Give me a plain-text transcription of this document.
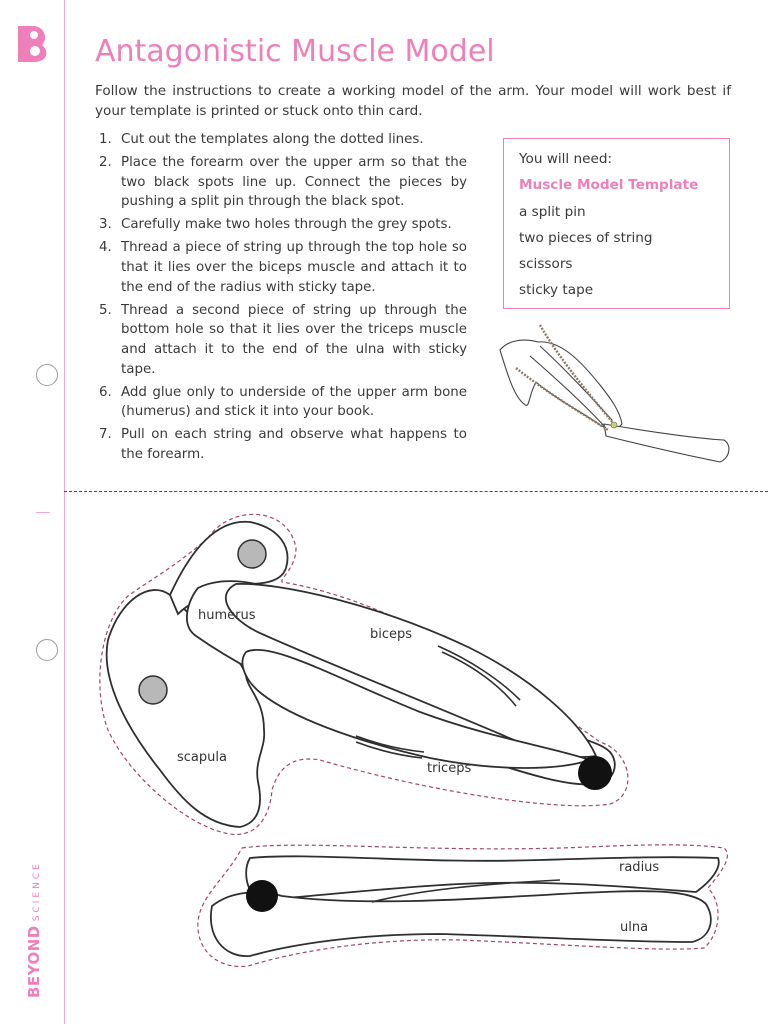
Antagonistic Muscle Model

Follow the instructions to create a working model of the arm. Your model will work best if your template is printed or stuck onto thin card.

1. Cut out the templates along the dotted lines.
2. Place the forearm over the upper arm so that the two black spots line up. Connect the pieces by pushing a split pin through the black spot.
3. Carefully make two holes through the grey spots.
4. Thread a piece of string up through the top hole so that it lies over the biceps muscle and attach it to the end of the radius with sticky tape.
5. Thread a second piece of string up through the bottom hole so that it lies over the triceps muscle and attach it to the end of the ulna with sticky tape.
6. Add glue only to underside of the upper arm bone (humerus) and stick it into your book.
7. Pull on each string and observe what happens to the forearm.
You will need:
Muscle Model Template
a split pin
two pieces of string
scissors
sticky tape
humerus
biceps
scapula
triceps
radius
ulna
BEYONDSCIENCE
